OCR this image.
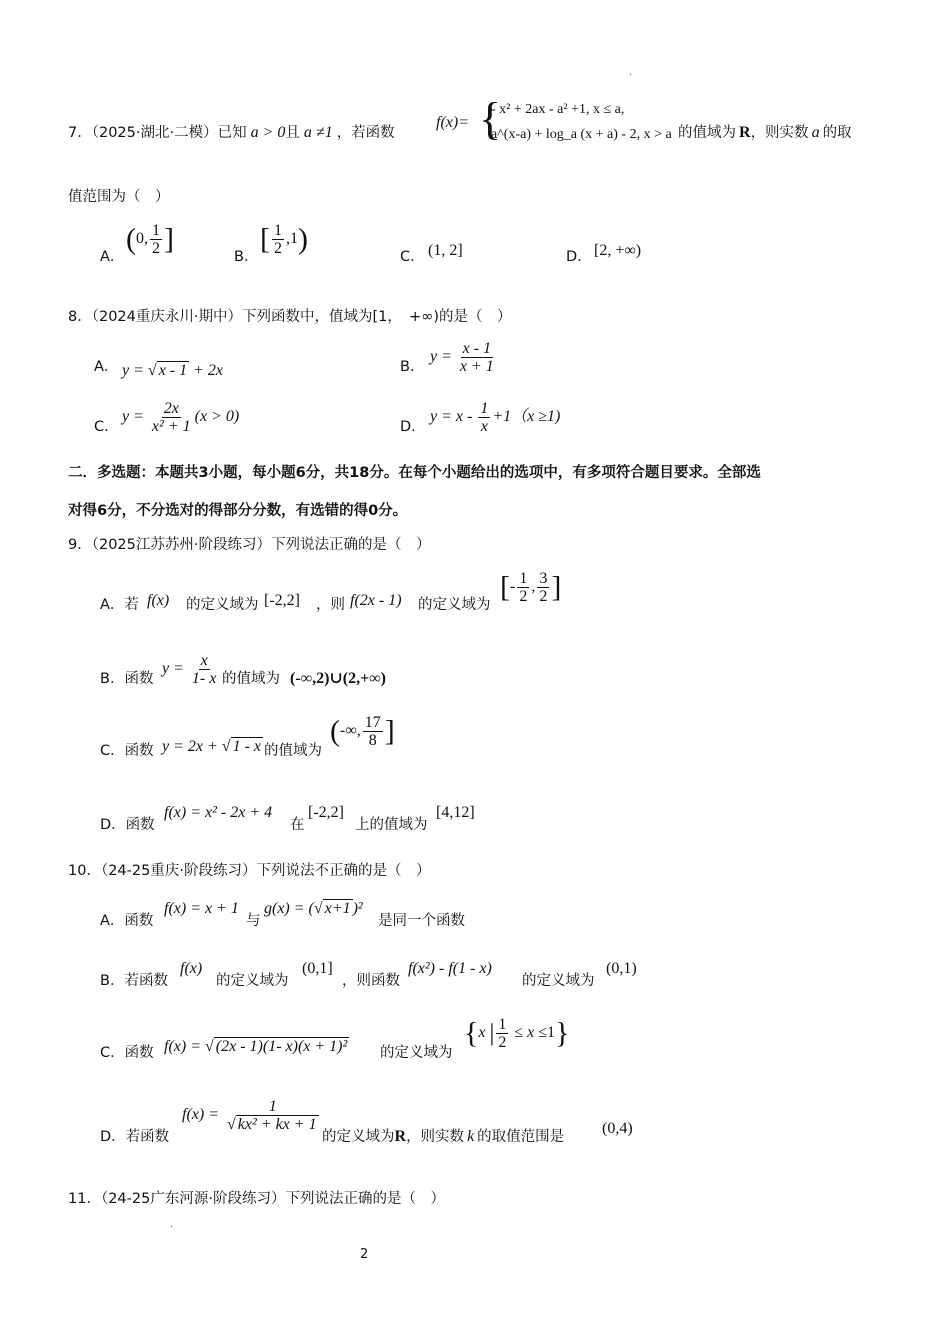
·
7．（2025·湖北·二模）已知 a > 0且 a ≠1 ，若函数
f(x)= {
- x² + 2ax - a² +1, x ≤ a,
a^(x-a) + log_a (x + a) - 2, x > a 的值域为 R，则实数 a 的取
值范围为（　）
A．
(0, $\frac{1}{2}$ ]
B．
[ $\frac{1}{2} ,1$)
C． (1, 2]	D． [2, +∞)
8．（2024重庆永川·期中）下列函数中，值域为[1，　+∞)的是（　）
A． y = √ x - 1 + 2x	B．
$y = \frac{x - 1}{x + 1}$
C．
$y = \frac{2x}{\text{x² + 1}} (x > 0)$
D．
$y = x - \frac{1}{x} +1(x \ge 1)$
二．多选题：本题共3小题，每小题6分，共18分。在每个小题给出的选项中，有多项符合题目要求。全部选
对得6分，不分选对的得部分分数，有选错的得0分。
9．（2025江苏苏州·阶段练习）下列说法正确的是（　）
A．若 f(x) 的定义域为 [-2,2] ，则 f(2x - 1) 的定义域为
[- $\frac{1}{2}$ , $\frac{3}{2}$ ]
B．函数
$y = \frac{x}{1- x}$ 的值域为 (-∞,2)∪(2,+∞)
C．函数 y = 2x + √ 1 - x 的值域为
(-∞, $\frac{17}{8}$ ]
D．函数
f(x) = x² - 2x + 4
在
[-2,2]
上的值域为
[4,12]
10．（24-25重庆·阶段练习）下列说法不正确的是（　）
A．函数
f(x) = x + 1
与
g(x) = (√ x+1 )²
是同一个函数
B．若函数
f(x)
的定义域为
(0,1]
，则函数
f(x²) - f(1 - x)
的定义域为
(0,1)
C．函数 f(x) = √ (2x - 1)(1- x)(x + 1)² 的定义域为
{x | $\frac{1}{2} \le x \le 1$}
D．若函数
$f(x) = \frac{1}{\text{√ kx² + kx + 1}}$
的定义域为R，则实数 k 的取值范围是 (0,4)
11．（24-25广东河源·阶段练习）下列说法正确的是（　）
·
2
